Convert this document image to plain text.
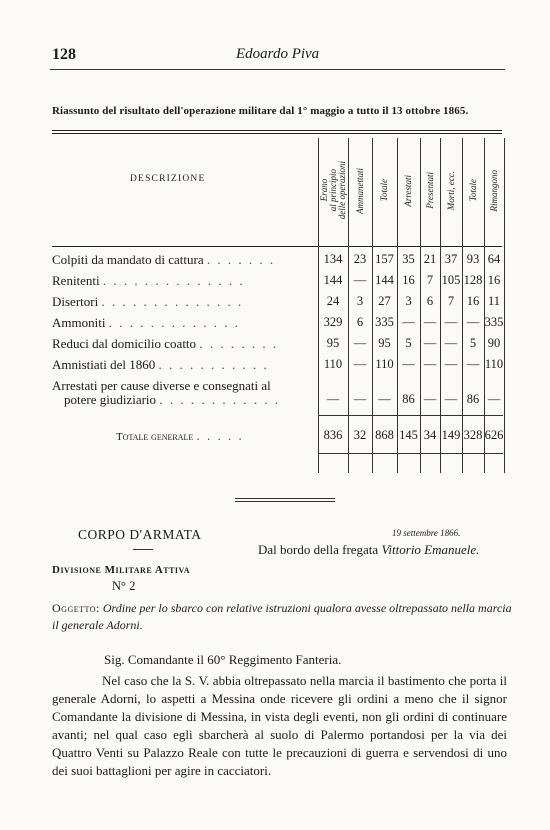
128	Edoardo Piva
Riassunto del risultato dell'operazione militare dal 1° maggio a tutto il 13 ottobre 1865.
DESCRIZIONE
Erano
al principio
delle operazioni Ammanettati Totale Arrestati Presentati Morti, ecc. Totale Rimangono
Colpiti da mandato di cattura . . . . . . .	134 23 157 35 21 37 93 64
Renitenti . . . . . . . . . . . . . .	144 — 144 16 7 105 128 16
Disertori . . . . . . . . . . . . . .	24	3	27	3	6	7	16 11
Ammoniti . . . . . . . . . . . . .	329	6 335 — — — — 335
Reduci dal domicilio coatto . . . . . . . .	95	— 95	5 — —	5 90
Amnistiati del 1860 . . . . . . . . . . .	110 — 110 — — — — 110
Arrestati per cause diverse e consegnati al
potere giudiziario . . . . . . . . . . . .	—	— — 86 — — 86 —
Totale generale . . . . .	836 32 868 145 34 149 328 626
CORPO D'ARMATA	19 settembre 1866.
Dal bordo della fregata Vittorio Emanuele.
Divisione Militare Attiva
N° 2
Oggetto: Ordine per lo sbarco con relative istruzioni qualora avesse oltrepassato nella marcia il generale Adorni.
Sig. Comandante il 60° Reggimento Fanteria.
Nel caso che la S. V. abbia oltrepassato nella marcia il bastimento che porta il generale Adorni, lo aspetti a Messina onde ricevere gli ordini a meno che il signor Comandante la divisione di Messina, in vista degli eventi, non gli ordini di continuare avanti; nel qual caso egli sbarcherà al suolo di Palermo portandosi per la via dei Quattro Venti su Palazzo Reale con tutte le precauzioni di guerra e servendosi di uno dei suoi battaglioni per agire in cacciatori.
